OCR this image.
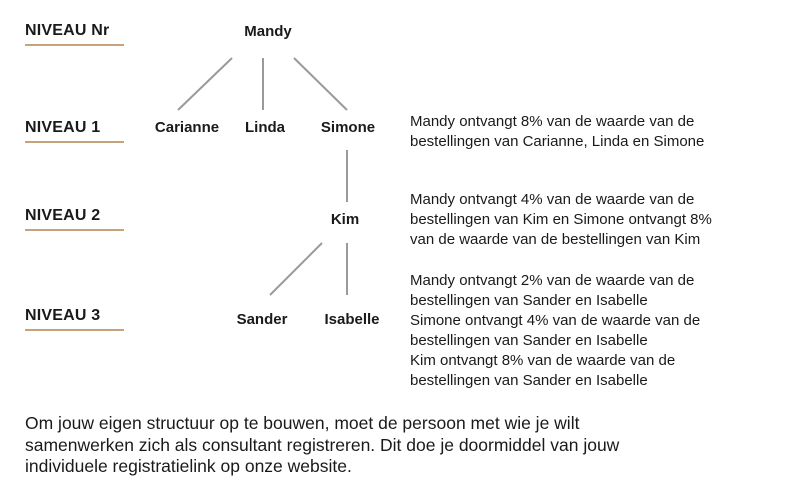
NIVEAU Nr
NIVEAU 1
NIVEAU 2
NIVEAU 3
Mandy
Carianne Linda Simone
Kim
Sander Isabelle
Mandy ontvangt 8% van de waarde van de
bestellingen van Carianne, Linda en Simone
Mandy ontvangt 4% van de waarde van de
bestellingen van Kim en Simone ontvangt 8%
van de waarde van de bestellingen van Kim
Mandy ontvangt 2% van de waarde van de
bestellingen van Sander en Isabelle
Simone ontvangt 4% van de waarde van de
bestellingen van Sander en Isabelle
Kim ontvangt 8% van de waarde van de
bestellingen van Sander en Isabelle
Om jouw eigen structuur op te bouwen, moet de persoon met wie je wilt
samenwerken zich als consultant registreren. Dit doe je doormiddel van jouw
individuele registratielink op onze website.
